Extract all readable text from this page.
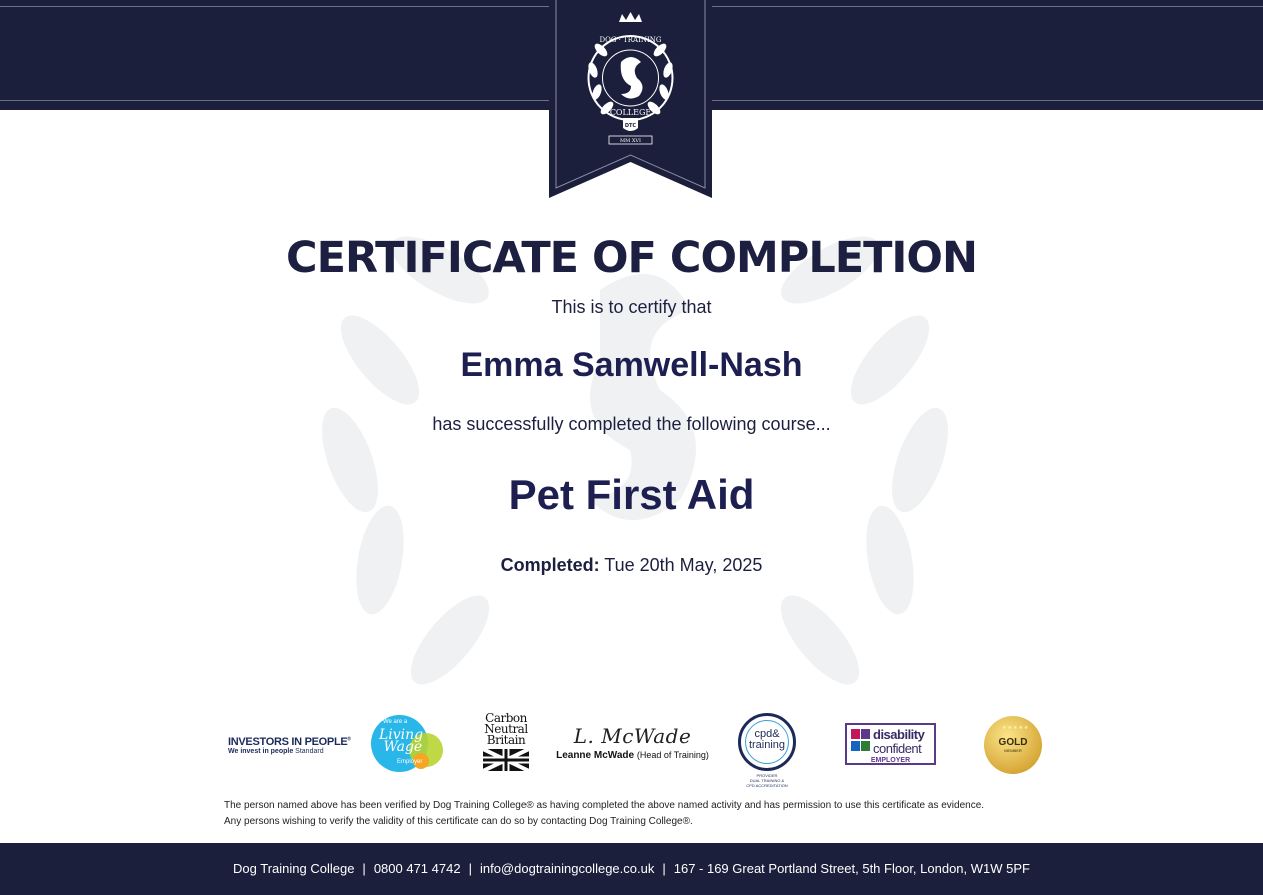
DOG · TRAINING
COLLEGE
DTC
MM XVI
CERTIFICATE OF COMPLETION
This is to certify that
Emma Samwell-Nash
has successfully completed the following course...
Pet First Aid
Completed: Tue 20th May, 2025
INVESTORS IN PEOPLE®
We invest in people Standard
We are a
Living
Wage
Employer
Carbon
Neutral
Britain	L. McWade
Leanne McWade (Head of Training)
cpd&
training
PROVIDER
DUAL TRAINING &
CPD ACCREDITATION
disability
confident
EMPLOYER
★★★★★
GOLD
MEMBER
The person named above has been verified by Dog Training College® as having completed the above named activity and has permission to use this certificate as evidence.
Any persons wishing to verify the validity of this certificate can do so by contacting Dog Training College®.
Dog Training College | 0800 471 4742 | info@dogtrainingcollege.co.uk | 167 - 169 Great Portland Street, 5th Floor, London, W1W 5PF
